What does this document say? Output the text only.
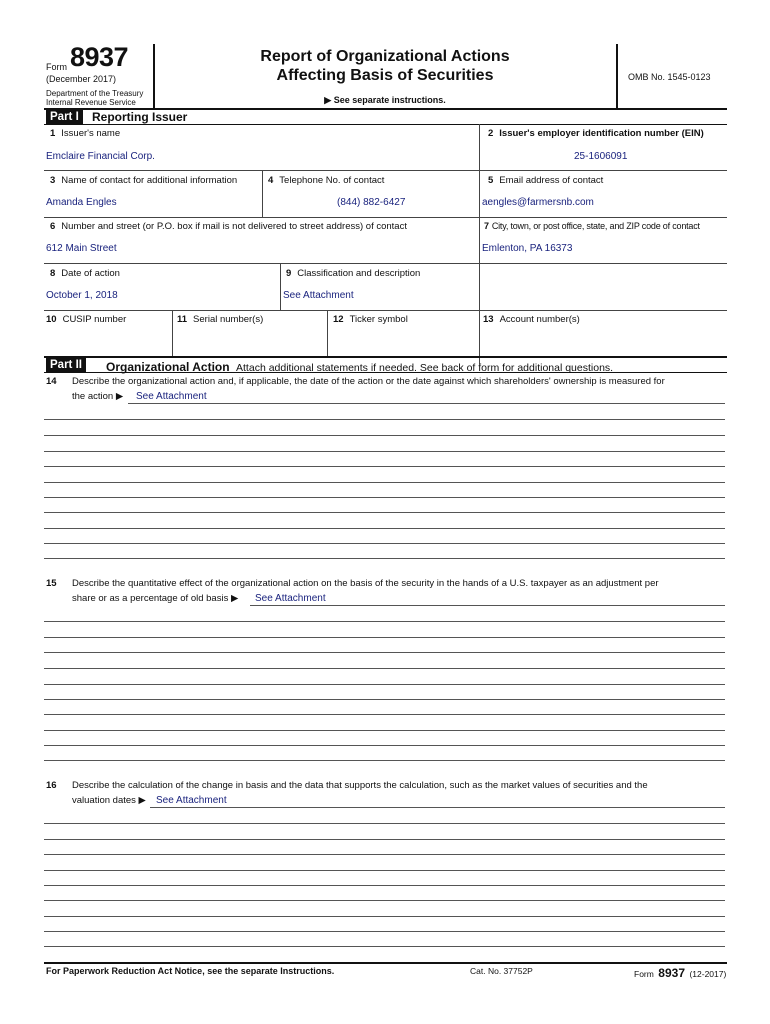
Form 8937
(December 2017)
Department of the Treasury
Internal Revenue Service
Report of Organizational Actions
Affecting Basis of Securities
▶ See separate instructions.
OMB No. 1545-0123
Part I	Reporting Issuer
1 Issuer's name	2 Issuer's employer identification number (EIN)
Emclaire Financial Corp.	25-1606091
3 Name of contact for additional information	4 Telephone No. of contact	5 Email address of contact
Amanda Engles	(844) 882-6427	aengles@farmersnb.com
6 Number and street (or P.O. box if mail is not delivered to street address) of contact	7 City, town, or post office, state, and ZIP code of contact
612 Main Street	Emlenton, PA 16373
8 Date of action	9 Classification and description
October 1, 2018	See Attachment
10 CUSIP number	11 Serial number(s)	12 Ticker symbol	13 Account number(s)
Part II	Organizational Action Attach additional statements if needed. See back of form for additional questions.
14 Describe the organizational action and, if applicable, the date of the action or the date against which shareholders' ownership is measured for
the action ▶ See Attachment
15 Describe the quantitative effect of the organizational action on the basis of the security in the hands of a U.S. taxpayer as an adjustment per
share or as a percentage of old basis ▶ See Attachment
16 Describe the calculation of the change in basis and the data that supports the calculation, such as the market values of securities and the
valuation dates ▶ See Attachment
For Paperwork Reduction Act Notice, see the separate Instructions.	Cat. No. 37752P	Form 8937 (12-2017)
